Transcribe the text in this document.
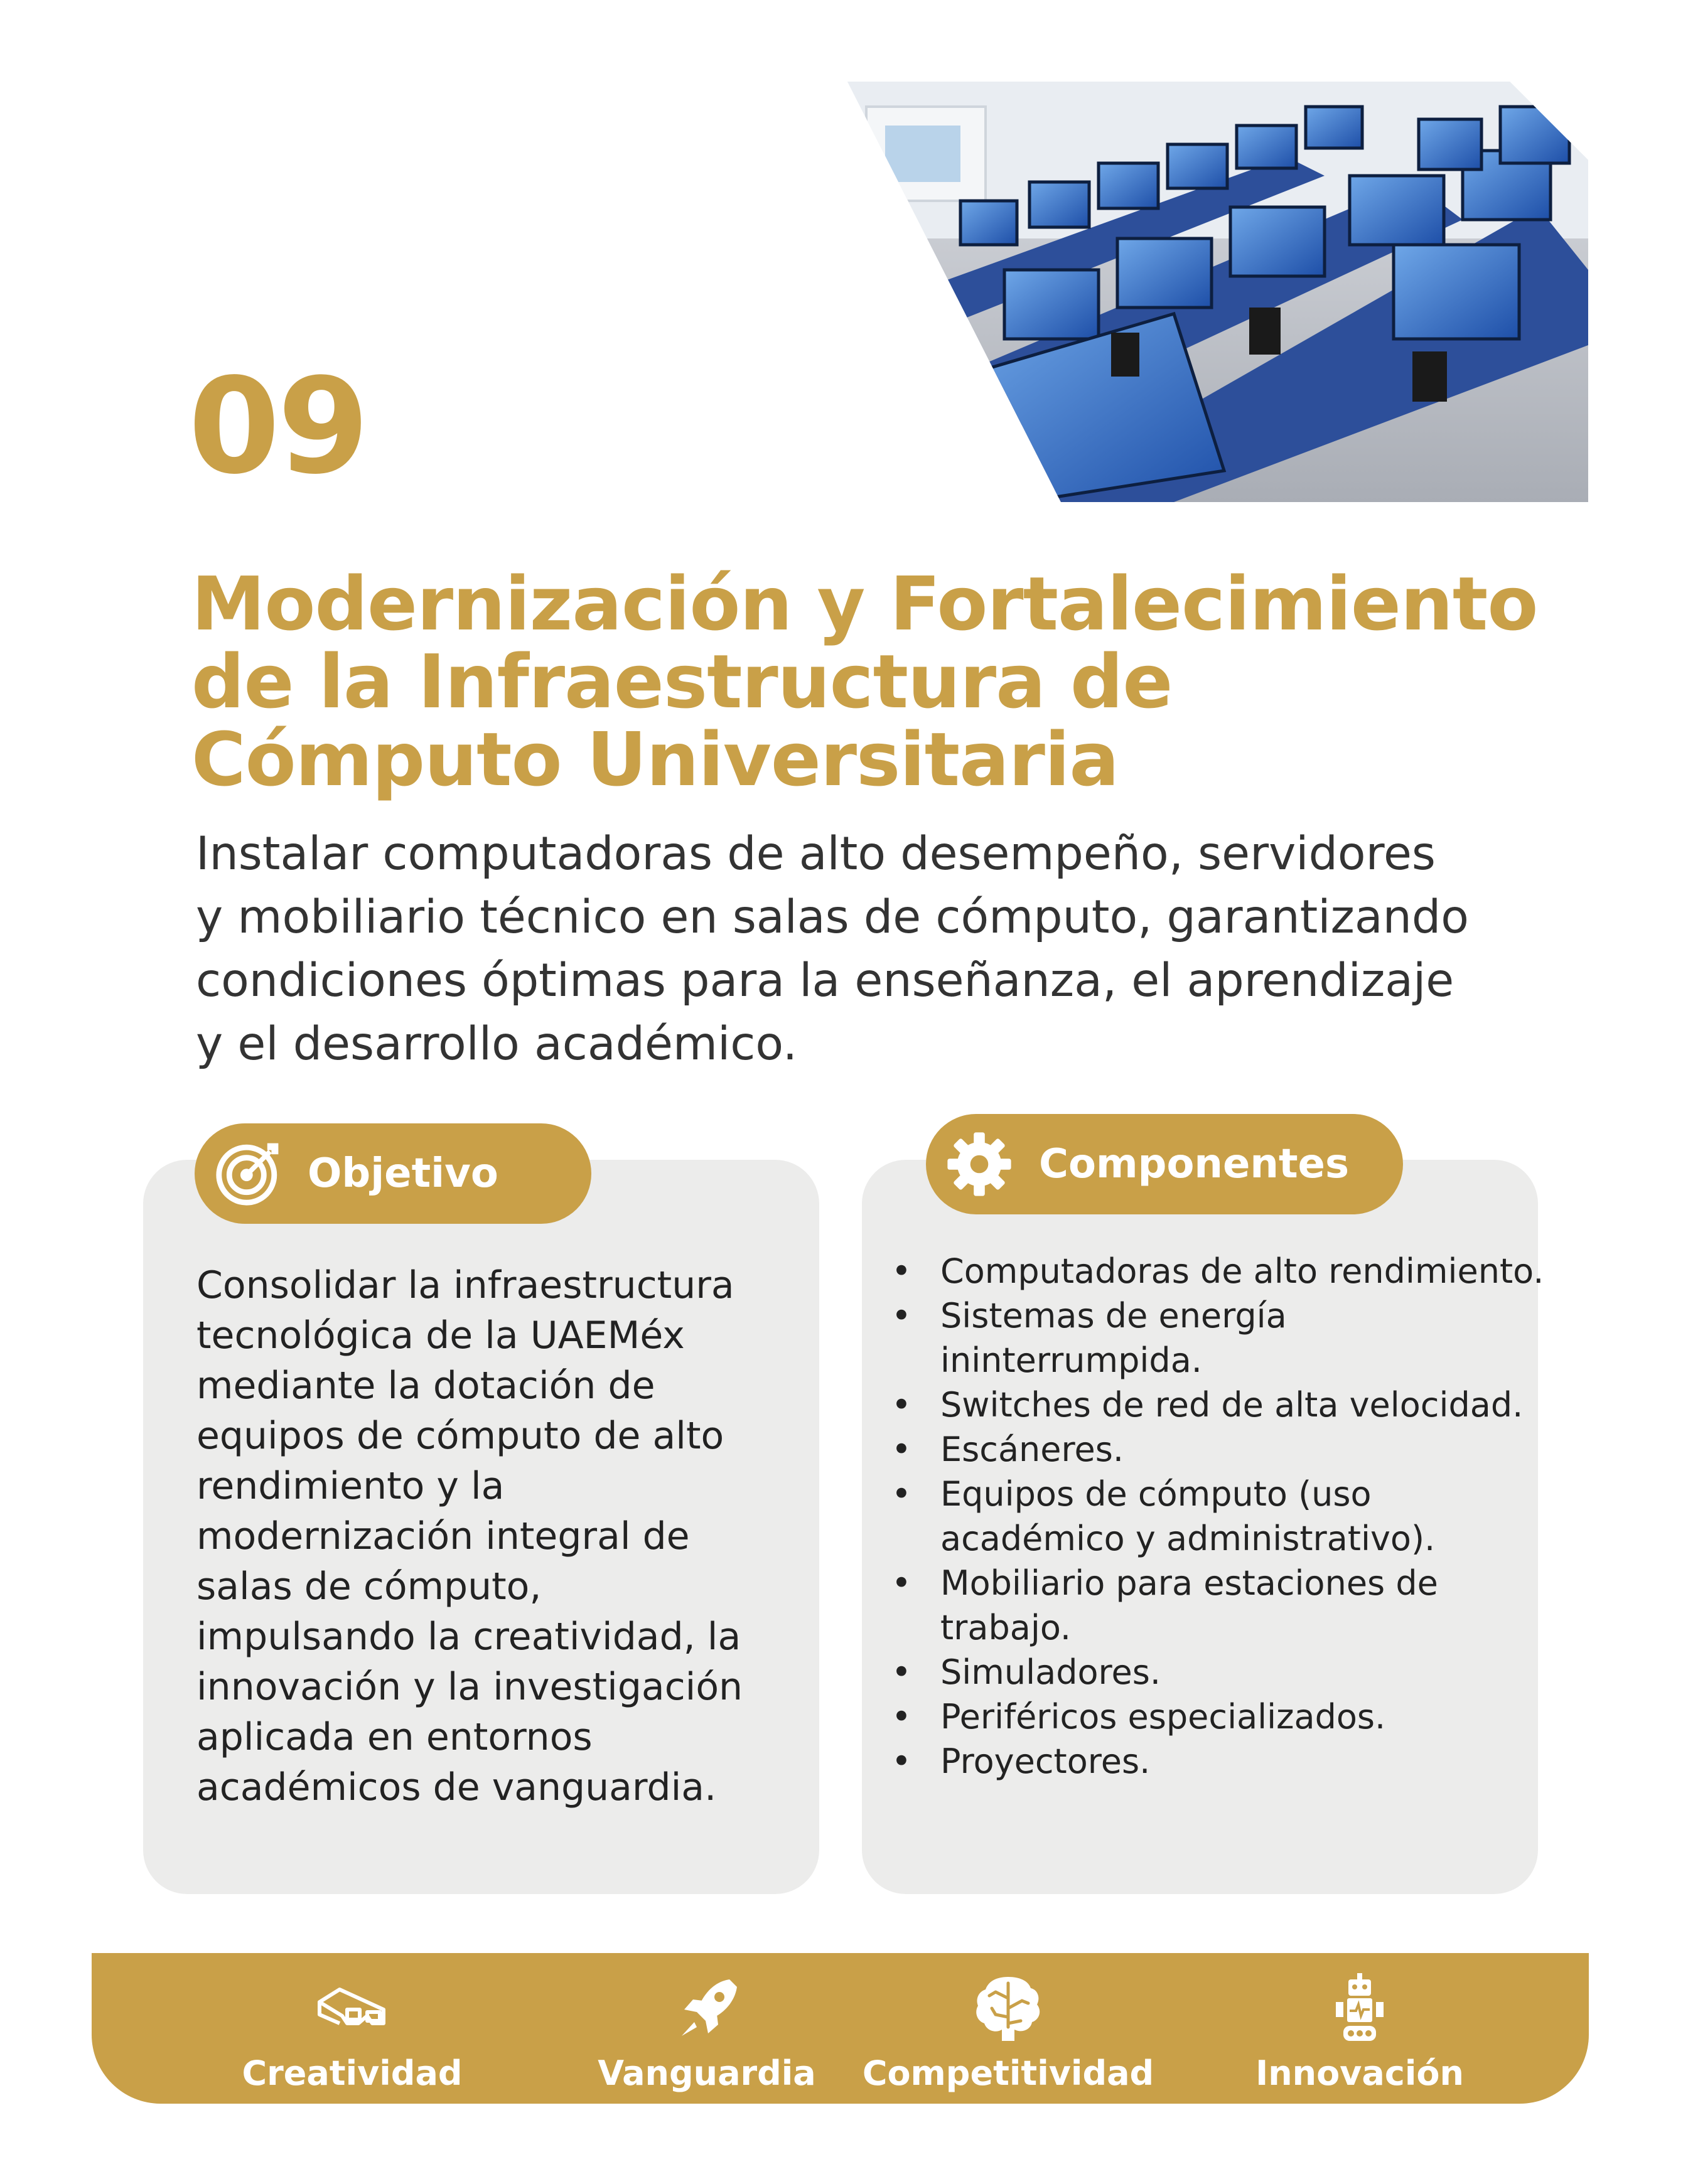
09
Modernización y Fortalecimiento
de la Infraestructura de
Cómputo Universitaria
Instalar computadoras de alto desempeño, servidores
y mobiliario técnico en salas de cómputo, garantizando
condiciones óptimas para la enseñanza, el aprendizaje
y el desarrollo académico.
Objetivo	Componentes
Consolidar la infraestructura
tecnológica de la UAEMéx
mediante la dotación de
equipos de cómputo de alto
rendimiento y la
modernización integral de
salas de cómputo,
impulsando la creatividad, la
innovación y la investigación
aplicada en entornos
académicos de vanguardia.
• Computadoras de alto rendimiento.
• Sistemas de energía ininterrumpida.
• Switches de red de alta velocidad.
• Escáneres.
• Equipos de cómputo (uso
académico y administrativo).
• Mobiliario para estaciones de
trabajo.
• Simuladores.
• Periféricos especializados.
• Proyectores.
Creatividad	Vanguardia Competitividad	Innovación
